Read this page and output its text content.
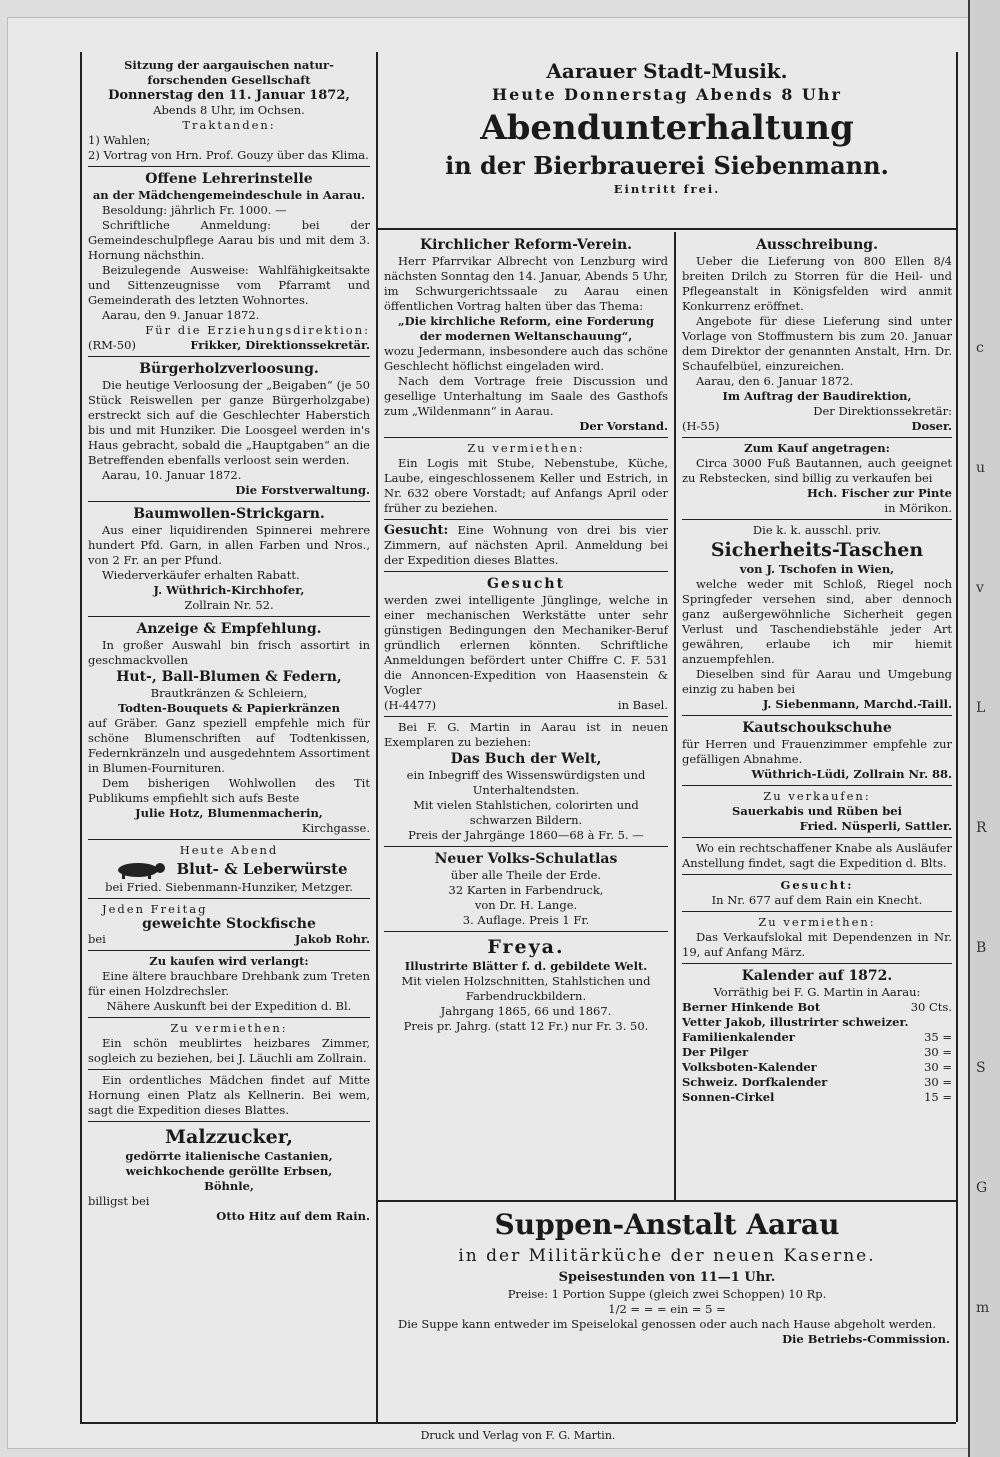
Sitzung der aargauischen natur-
forschenden Gesellschaft
Donnerstag den 11. Januar 1872,
Abends 8 Uhr, im Ochsen.
Traktanden:
1) Wahlen;
2) Vortrag von Hrn. Prof. Gouzy über das Klima.
Offene Lehrerinstelle
an der Mädchengemeindeschule in Aarau.
Besoldung: jährlich Fr. 1000. —
Schriftliche Anmeldung: bei der Gemeindeschulpflege Aarau bis und mit dem 3. Hornung nächsthin.
Beizulegende Ausweise: Wahlfähigkeitsakte und Sittenzeugnisse vom Pfarramt und Gemeinderath des letzten Wohnortes.
Aarau, den 9. Januar 1872.
Für die Erziehungsdirektion:
(RM-50)	Frikker, Direktionssekretär.
Bürgerholzverloosung.
Die heutige Verloosung der „Beigaben“ (je 50 Stück Reiswellen per ganze Bürgerholzgabe) erstreckt sich auf die Geschlechter Haberstich bis und mit Hunziker. Die Loosgeel werden in's Haus gebracht, sobald die „Hauptgaben“ an die Betreffenden ebenfalls verloost sein werden.
Aarau, 10. Januar 1872.
Die Forstverwaltung.
Baumwollen-Strickgarn.
Aus einer liquidirenden Spinnerei mehrere hundert Pfd. Garn, in allen Farben und Nros., von 2 Fr. an per Pfund.
Wiederverkäufer erhalten Rabatt.
J. Wüthrich-Kirchhofer,
Zollrain Nr. 52.
Anzeige & Empfehlung.
In großer Auswahl bin frisch assortirt in geschmackvollen
Hut-, Ball-Blumen & Federn,
Brautkränzen & Schleiern,
Todten-Bouquets & Papierkränzen
auf Gräber. Ganz speziell empfehle mich für schöne Blumenschriften auf Todtenkissen, Federnkränzeln und ausgedehntem Assortiment in Blumen-Fournituren.
Dem bisherigen Wohlwollen des Tit Publikums empfiehlt sich aufs Beste
Julie Hotz, Blumenmacherin,
Kirchgasse.
Heute Abend
Blut- & Leberwürste
bei Fried. Siebenmann-Hunziker, Metzger.
Jeden Freitag
geweichte Stockfische
bei	Jakob Rohr.
Zu kaufen wird verlangt:
Eine ältere brauchbare Drehbank zum Treten für einen Holzdrechsler.
Nähere Auskunft bei der Expedition d. Bl.
Zu vermiethen:
Ein schön meublirtes heizbares Zimmer, sogleich zu beziehen, bei J. Läuchli am Zollrain.
Ein ordentliches Mädchen findet auf Mitte Hornung einen Platz als Kellnerin. Bei wem, sagt die Expedition dieses Blattes.
Malzzucker,
gedörrte italienische Castanien,
weichkochende geröllte Erbsen,
Böhnle,
billigst bei
Otto Hitz auf dem Rain.
Aarauer Stadt-Musik.
Heute Donnerstag Abends 8 Uhr
Abendunterhaltung
in der Bierbrauerei Siebenmann.
Eintritt frei.
Kirchlicher Reform-Verein.
Herr Pfarrvikar Albrecht von Lenzburg wird nächsten Sonntag den 14. Januar, Abends 5 Uhr, im Schwurgerichtssaale zu Aarau einen öffentlichen Vortrag halten über das Thema:
„Die kirchliche Reform, eine Forderung
der modernen Weltanschauung“,
wozu Jedermann, insbesondere auch das schöne Geschlecht höflichst eingeladen wird.
Nach dem Vortrage freie Discussion und gesellige Unterhaltung im Saale des Gasthofs zum „Wildenmann“ in Aarau.
Der Vorstand.
Zu vermiethen:
Ein Logis mit Stube, Nebenstube, Küche, Laube, eingeschlossenem Keller und Estrich, in Nr. 632 obere Vorstadt; auf Anfangs April oder früher zu beziehen.
Gesucht: Eine Wohnung von drei bis vier Zimmern, auf nächsten April. Anmeldung bei der Expedition dieses Blattes.
Gesucht
werden zwei intelligente Jünglinge, welche in einer mechanischen Werkstätte unter sehr günstigen Bedingungen den Mechaniker-Beruf gründlich erlernen könnten. Schriftliche Anmeldungen befördert unter Chiffre C. F. 531 die Annoncen-Expedition von Haasenstein & Vogler
(H-4477)	in Basel.
Bei F. G. Martin in Aarau ist in neuen Exemplaren zu beziehen:
Das Buch der Welt,
ein Inbegriff des Wissenswürdigsten und Unterhaltendsten.
Mit vielen Stahlstichen, colorirten und schwarzen Bildern.
Preis der Jahrgänge 1860—68 à Fr. 5. —
Neuer Volks-Schulatlas
über alle Theile der Erde.
32 Karten in Farbendruck,
von Dr. H. Lange.
3. Auflage. Preis 1 Fr.
Freya.
Illustrirte Blätter f. d. gebildete Welt.
Mit vielen Holzschnitten, Stahlstichen und Farbendruckbildern.
Jahrgang 1865, 66 und 1867.
Preis pr. Jahrg. (statt 12 Fr.) nur Fr. 3. 50.
Ausschreibung.
Ueber die Lieferung von 800 Ellen 8/4 breiten Drilch zu Storren für die Heil- und Pflegeanstalt in Königsfelden wird anmit Konkurrenz eröffnet.
Angebote für diese Lieferung sind unter Vorlage von Stoffmustern bis zum 20. Januar dem Direktor der genannten Anstalt, Hrn. Dr. Schaufelbüel, einzureichen.
Aarau, den 6. Januar 1872.
Im Auftrag der Baudirektion,
Der Direktionssekretär:
(H-55)	Doser.
Zum Kauf angetragen:
Circa 3000 Fuß Bautannen, auch geeignet zu Rebstecken, sind billig zu verkaufen bei
Hch. Fischer zur Pinte
in Mörikon.
Die k. k. ausschl. priv.
Sicherheits-Taschen
von J. Tschofen in Wien,
welche weder mit Schloß, Riegel noch Springfeder versehen sind, aber dennoch ganz außergewöhnliche Sicherheit gegen Verlust und Taschendiebstähle jeder Art gewähren, erlaube ich mir hiemit anzuempfehlen.
Dieselben sind für Aarau und Umgebung einzig zu haben bei
J. Siebenmann, Marchd.-Taill.
Kautschoukschuhe
für Herren und Frauenzimmer empfehle zur gefälligen Abnahme.
Wüthrich-Lüdi, Zollrain Nr. 88.
Zu verkaufen:
Sauerkabis und Rüben bei
Fried. Nüsperli, Sattler.
Wo ein rechtschaffener Knabe als Ausläufer Anstellung findet, sagt die Expedition d. Blts.
Gesucht:
In Nr. 677 auf dem Rain ein Knecht.
Zu vermiethen:
Das Verkaufslokal mit Dependenzen in Nr. 19, auf Anfang März.
Kalender auf 1872.
Vorräthig bei F. G. Martin in Aarau:
Berner Hinkende Bot	30 Cts.
Vetter Jakob, illustrirter schweizer.
Familienkalender	35 =
Der Pilger	30 =
Volksboten-Kalender	30 =
Schweiz. Dorfkalender	30 =
Sonnen-Cirkel	15 =
Suppen-Anstalt Aarau
in der Militärküche der neuen Kaserne.
Speisestunden von 11—1 Uhr.
Preise: 1 Portion Suppe (gleich zwei Schoppen) 10 Rp.
1/2 = = = ein = 5 =
Die Suppe kann entweder im Speiselokal genossen oder auch nach Hause abgeholt werden.
Die Betriebs-Commission.
Druck und Verlag von F. G. Martin.
c
u
v
L
R
B
S
G
m
